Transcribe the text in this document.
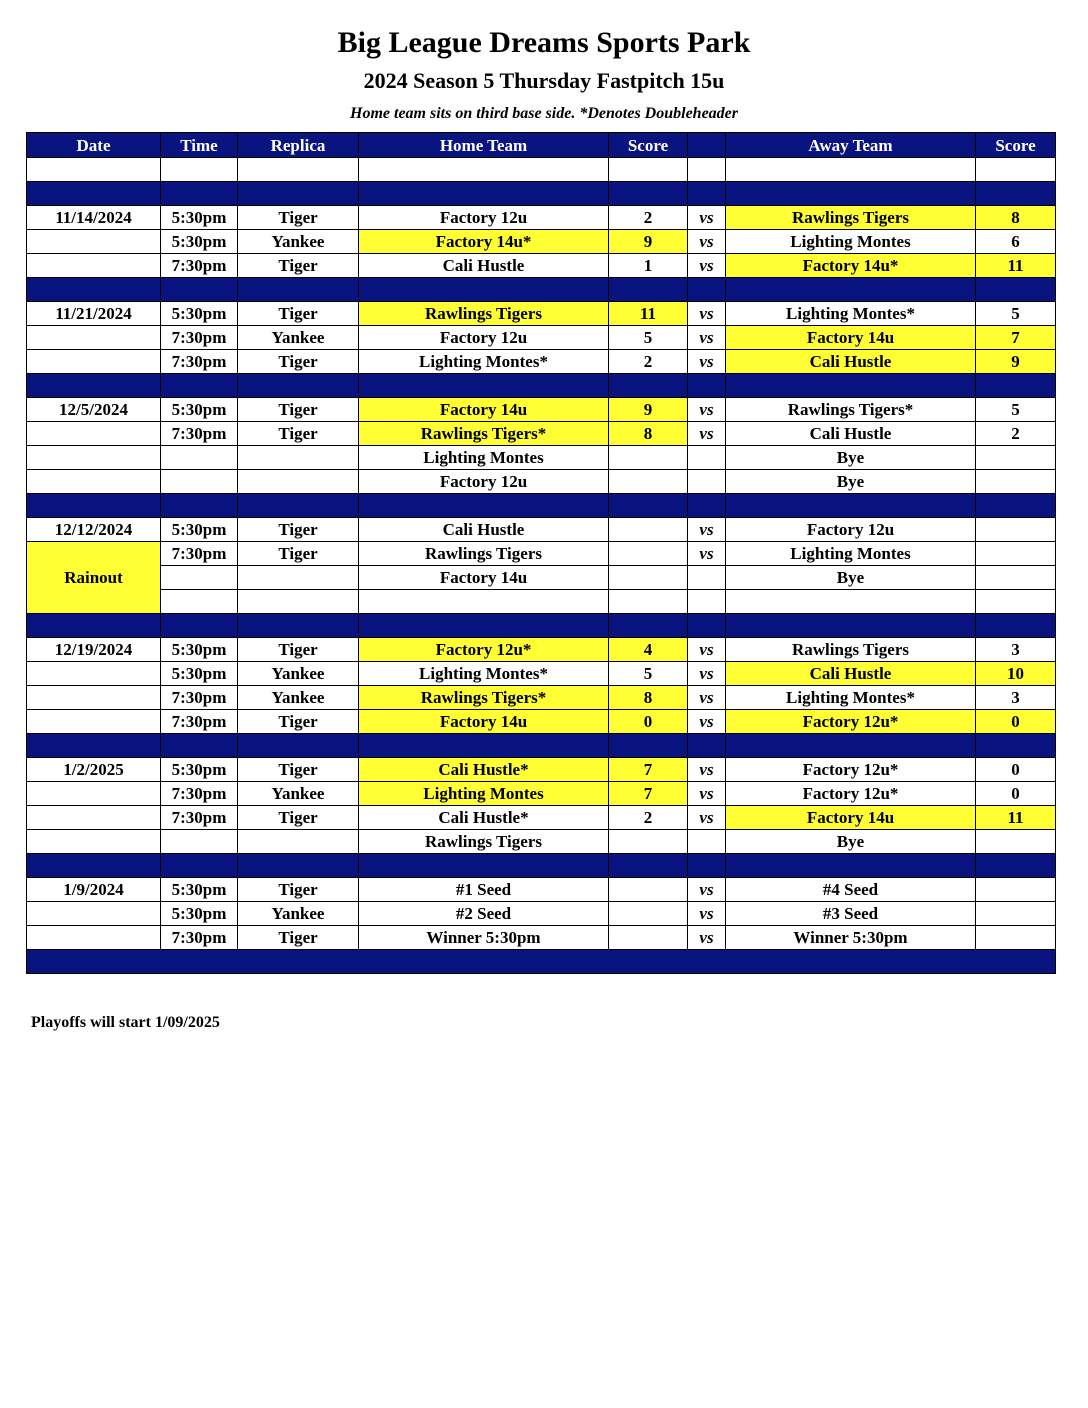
Big League Dreams Sports Park
2024 Season 5 Thursday Fastpitch 15u
Home team sits on third base side. *Denotes Doubleheader
Date	Time	Replica	Home Team	Score		Away Team	Score

11/14/2024	5:30pm	Tiger	Factory 12u	2	vs	Rawlings Tigers	8
	5:30pm	Yankee	Factory 14u*	9	vs	Lighting Montes	6
	7:30pm	Tiger	Cali Hustle	1	vs	Factory 14u*	11

11/21/2024	5:30pm	Tiger	Rawlings Tigers	11	vs	Lighting Montes*	5
	7:30pm	Yankee	Factory 12u	5	vs	Factory 14u	7
	7:30pm	Tiger	Lighting Montes*	2	vs	Cali Hustle	9

12/5/2024	5:30pm	Tiger	Factory 14u	9	vs	Rawlings Tigers*	5
	7:30pm	Tiger	Rawlings Tigers*	8	vs	Cali Hustle	2
			Lighting Montes			Bye	
			Factory 12u			Bye	

12/12/2024	5:30pm	Tiger	Cali Hustle		vs	Factory 12u	
Rainout	7:30pm	Tiger	Rawlings Tigers		vs	Lighting Montes	
			Factory 14u			Bye	

12/19/2024	5:30pm	Tiger	Factory 12u*	4	vs	Rawlings Tigers	3
	5:30pm	Yankee	Lighting Montes*	5	vs	Cali Hustle	10
	7:30pm	Yankee	Rawlings Tigers*	8	vs	Lighting Montes*	3
	7:30pm	Tiger	Factory 14u	0	vs	Factory 12u*	0

1/2/2025	5:30pm	Tiger	Cali Hustle*	7	vs	Factory 12u*	0
	7:30pm	Yankee	Lighting Montes	7	vs	Factory 12u*	0
	7:30pm	Tiger	Cali Hustle*	2	vs	Factory 14u	11
			Rawlings Tigers			Bye	

1/9/2024	5:30pm	Tiger	#1 Seed		vs	#4 Seed	
	5:30pm	Yankee	#2 Seed		vs	#3 Seed	
	7:30pm	Tiger	Winner 5:30pm		vs	Winner 5:30pm	

Playoffs will start 1/09/2025
